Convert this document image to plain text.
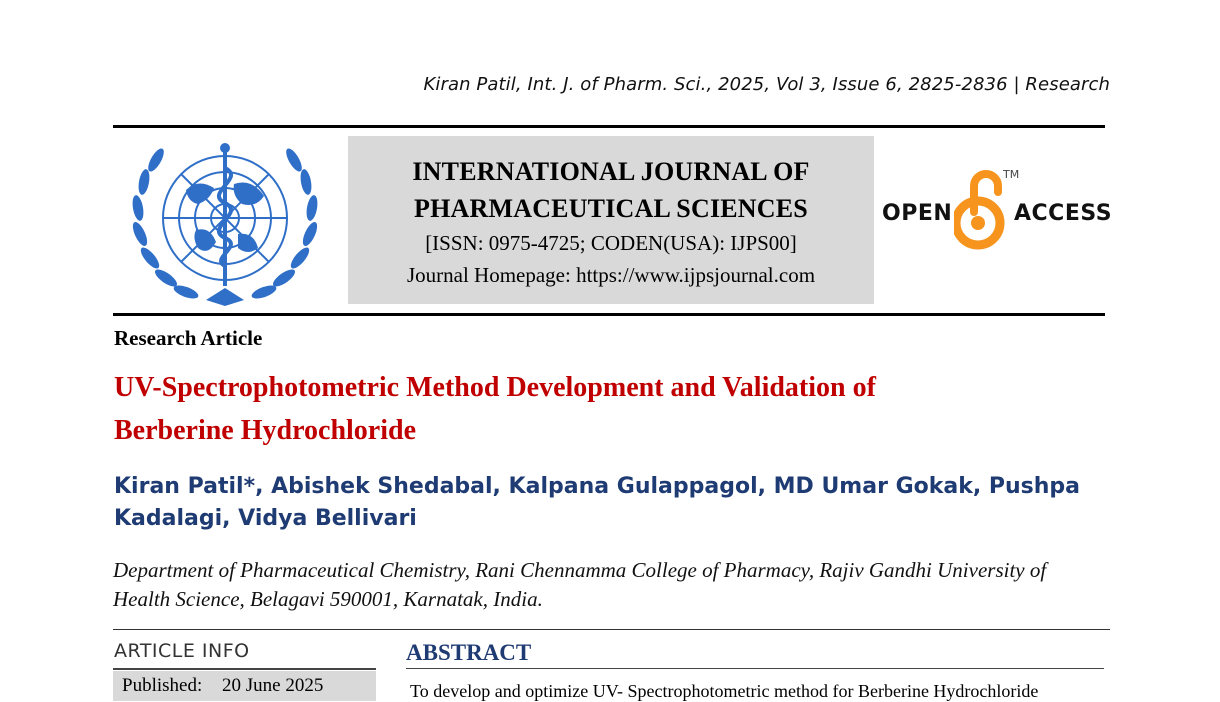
Kiran Patil, Int. J. of Pharm. Sci., 2025, Vol 3, Issue 6, 2825-2836 | Research
INTERNATIONAL JOURNAL OF
PHARMACEUTICAL SCIENCES
[ISSN: 0975-4725; CODEN(USA): IJPS00]
Journal Homepage: https://www.ijpsjournal.com
OPEN
TM
ACCESS
Research Article
UV-Spectrophotometric Method Development and Validation of
Berberine Hydrochloride
Kiran Patil*, Abishek Shedabal, Kalpana Gulappagol, MD Umar Gokak, Pushpa
Kadalagi, Vidya Bellivari
Department of Pharmaceutical Chemistry, Rani Chennamma College of Pharmacy, Rajiv Gandhi University of
Health Science, Belagavi 590001, Karnatak, India.
ARTICLE INFO
Published: 20 June 2025
ABSTRACT
To develop and optimize UV- Spectrophotometric method for Berberine Hydrochloride
